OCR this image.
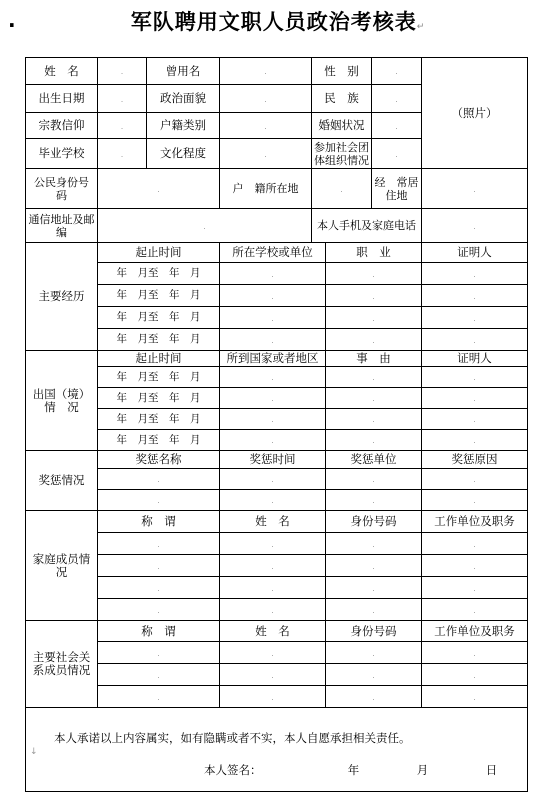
.	军队聘用文职人员政治考核表↵
姓　名	.	曾用名	.	性　别		.	（照片）
出生日期	.	政治面貌	.	民　族		.	
宗教信仰	.	户籍类别	.	婚姻状况		.	
毕业学校	.	文化程度	.	参加社会团体组织情况		.	
公民身份号　码	.		户　籍所在地	.		经　常居住地	.
通信地址及邮编	.			本人手机及家庭电话			.
主要经历	起止时间		所在学校或单位		职　业		证明人
	年　月至　年　月		.		.		.
	年　月至　年　月		.		.		.
	年　月至　年　月		.		.		.
	年　月至　年　月		.		.		.
出国（境）情　况	起止时间		所到国家或者地区		事　由		证明人
	年　月至　年　月		.		.		.
	年　月至　年　月		.		.		.
	年　月至　年　月		.		.		.
	年　月至　年　月		.		.		.
奖惩情况	奖惩名称		奖惩时间		奖惩单位		奖惩原因
	.		.		.		.
	.		.		.		.
家庭成员情　况	称　谓		姓　名		身份号码		工作单位及职务
	.		.		.		.
	.		.		.		.
	.		.		.		.
	.		.		.		.
主要社会关系成员情况	称　谓		姓　名		身份号码		工作单位及职务
	.		.		.		.
	.		.		.		.
	.		.		.		.

本人承诺以上内容属实，如有隐瞒或者不实，本人自愿承担相关责任。
↓
本人签名：　　　　　　　　 年　　　　　 月　　　　　 日							
